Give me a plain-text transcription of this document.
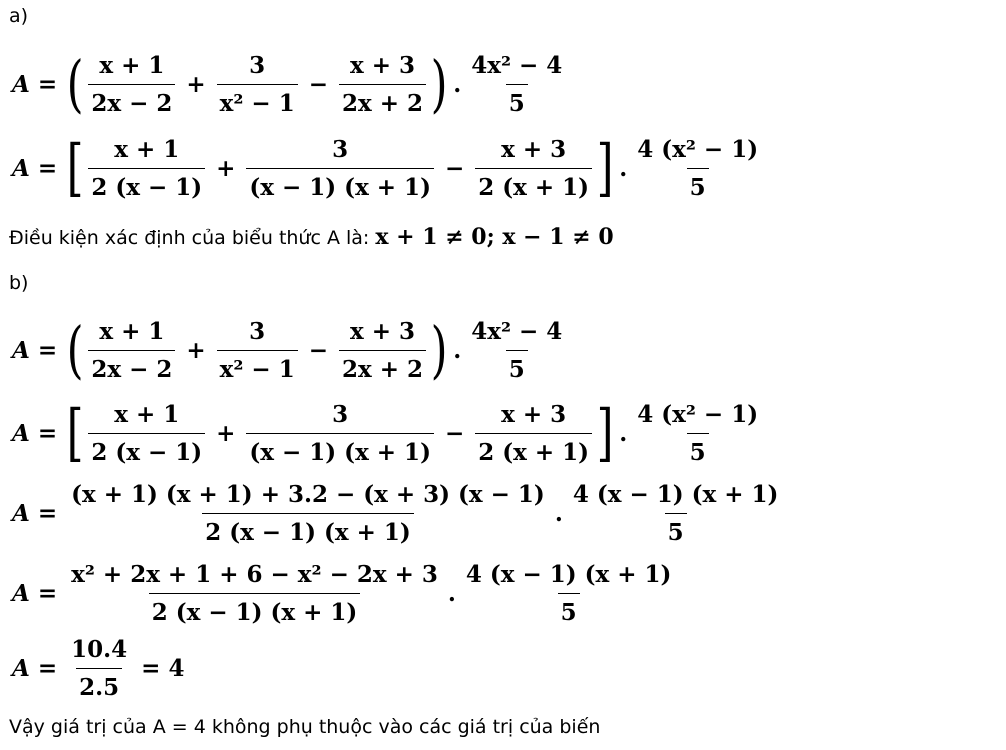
a)
A = ( $\frac{x + 1}{2x - 2} + \frac{3}{\text{x² − 1}} - \frac{x + 3}{2x + 2}$ ) . $\frac{\text{4x² − 4}}{5}$
A = [ $\frac{x + 1}{2 (x - 1)} + \frac{3}{(x - 1) (x + 1)} - \frac{x + 3}{2 (x + 1)}$ ] . $\frac{\text{4 (x² − 1)}}{5}$
Điều kiện xác định của biểu thức A là: x + 1 ≠ 0; x − 1 ≠ 0
b)
A = ( $\frac{x + 1}{2x - 2} + \frac{3}{\text{x² − 1}} - \frac{x + 3}{2x + 2}$ ) . $\frac{\text{4x² − 4}}{5}$
A = [ $\frac{x + 1}{2 (x - 1)} + \frac{3}{(x - 1) (x + 1)} - \frac{x + 3}{2 (x + 1)}$ ] . $\frac{\text{4 (x² − 1)}}{5}$
$A = \frac{(x + 1) (x + 1) + 3.2 - (x + 3) (x - 1)}{2 (x - 1) (x + 1)}$ . $\frac{4 (x - 1) (x + 1)}{5}$
$A = \frac{\text{x² + 2x + 1 + 6 − x² − 2x + 3}}{2 (x - 1) (x + 1)}$ . $\frac{4 (x - 1) (x + 1)}{5}$
$A = \frac{10.4}{2.5} = 4$
Vậy giá trị của A = 4 không phụ thuộc vào các giá trị của biến
